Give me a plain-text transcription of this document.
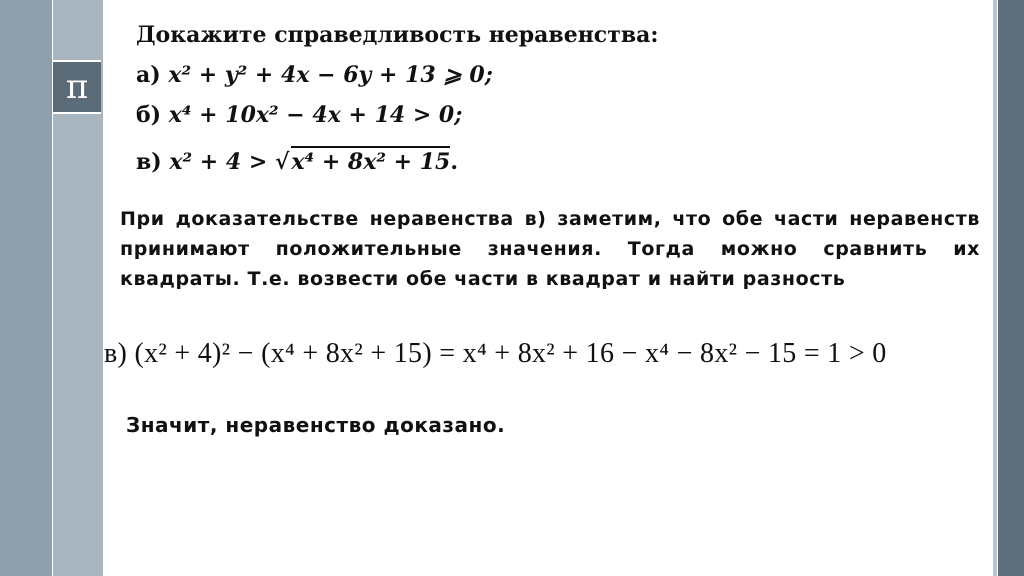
π
Докажите справедливость неравенства:
а) x² + y² + 4x − 6y + 13 ⩾ 0;
б) x⁴ + 10x² − 4x + 14 > 0;
в) x² + 4 > √x⁴ + 8x² + 15.
При доказательстве неравенства в) заметим, что обе части неравенств принимают положительные значения. Тогда можно сравнить их квадраты. Т.е. возвести обе части в квадрат и найти разность
в) (x² + 4)² − (x⁴ + 8x² + 15) = x⁴ + 8x² + 16 − x⁴ − 8x² − 15 = 1 > 0
Значит, неравенство доказано.
